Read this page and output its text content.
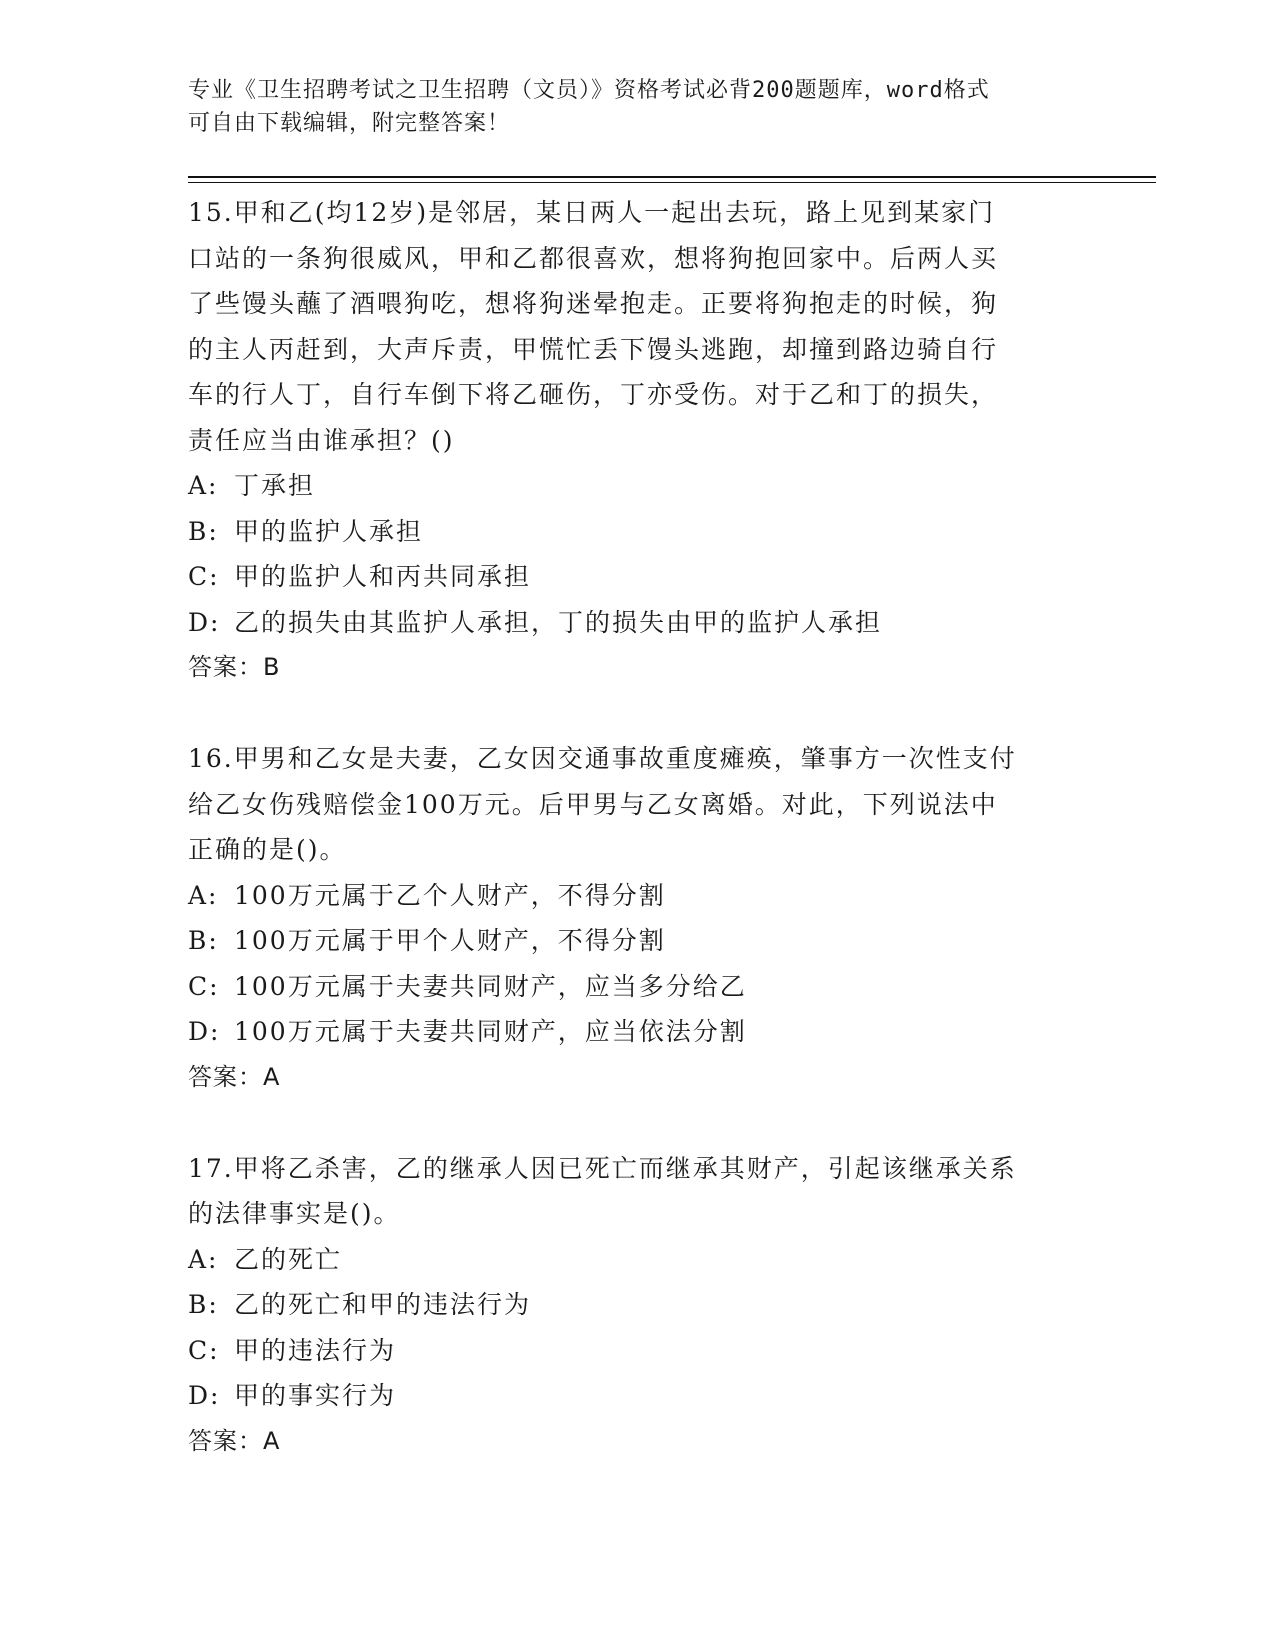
专业《卫生招聘考试之卫生招聘（文员）》资格考试必背200题题库，word格式
可自由下载编辑，附完整答案！
15.甲和乙(均12岁)是邻居，某日两人一起出去玩，路上见到某家门
口站的一条狗很威风，甲和乙都很喜欢，想将狗抱回家中。后两人买
了些馒头蘸了酒喂狗吃，想将狗迷晕抱走。正要将狗抱走的时候，狗
的主人丙赶到，大声斥责，甲慌忙丢下馒头逃跑，却撞到路边骑自行
车的行人丁，自行车倒下将乙砸伤，丁亦受伤。对于乙和丁的损失，
责任应当由谁承担？()
A: 丁承担
B: 甲的监护人承担
C: 甲的监护人和丙共同承担
D: 乙的损失由其监护人承担，丁的损失由甲的监护人承担
答案：B
16.甲男和乙女是夫妻，乙女因交通事故重度瘫痪，肇事方一次性支付
给乙女伤残赔偿金100万元。后甲男与乙女离婚。对此，下列说法中
正确的是()。
A: 100万元属于乙个人财产，不得分割
B: 100万元属于甲个人财产，不得分割
C: 100万元属于夫妻共同财产，应当多分给乙
D: 100万元属于夫妻共同财产，应当依法分割
答案：A
17.甲将乙杀害，乙的继承人因已死亡而继承其财产，引起该继承关系
的法律事实是()。
A: 乙的死亡
B: 乙的死亡和甲的违法行为
C: 甲的违法行为
D: 甲的事实行为
答案：A
